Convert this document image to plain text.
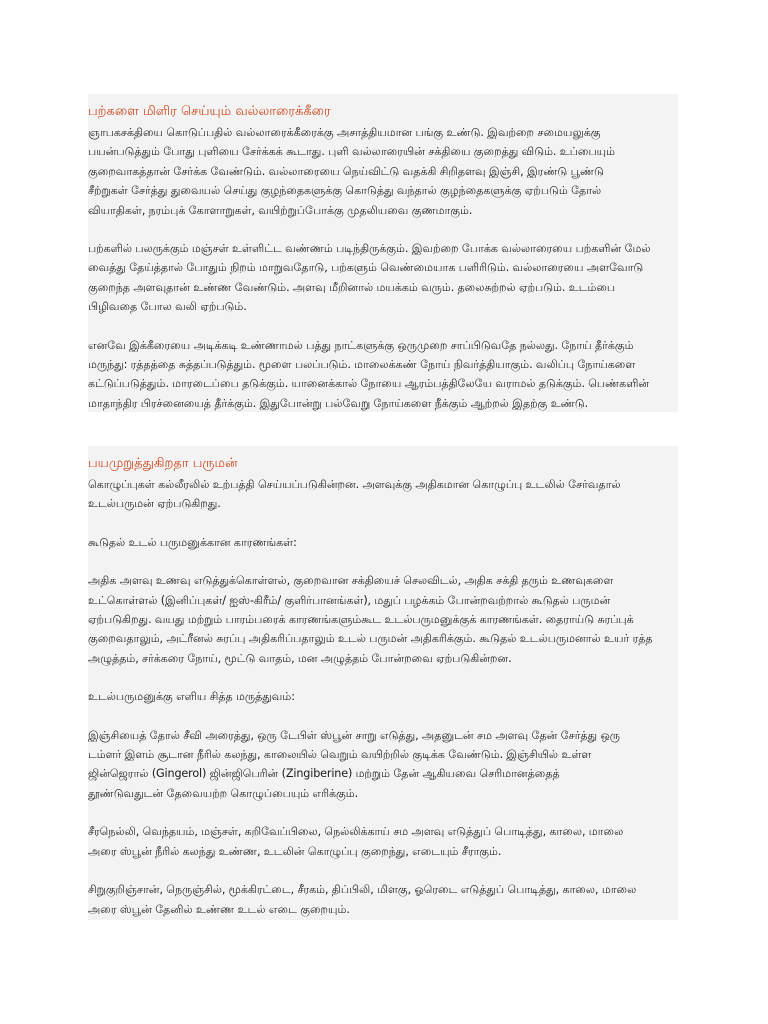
பற்களை மிளிர செய்யும் வல்லாரைக்கீரை
ஞாபகசக்தியை கொடுப்பதில் வல்லாரைக்கீரைக்கு அசாத்தியமான பங்கு உண்டு. இவற்றை சமையலுக்கு
பயன்படுத்தும் போது புளியை சேர்க்கக் கூடாது. புளி வல்லாரையின் சக்தியை குறைத்து விடும். உப்பையும்
குறைவாகத்தான் சேர்க்க வேண்டும். வல்லாரையை நெய்விட்டு வதக்கி சிறிதளவு இஞ்சி, இரண்டு பூண்டு
சீற்றுகள் சேர்த்து துவையல் செய்து குழந்தைகளுக்கு கொடுத்து வந்தால் குழந்தைகளுக்கு ஏற்படும் தோல்
வியாதிகள், நரம்புக் கோளாறுகள், வயிற்றுப்போக்கு முதலியவை குணமாகும்.
பற்களில் பலருக்கும் மஞ்சள் உள்ளிட்ட வண்ணம் படிந்திருக்கும். இவற்றை போக்க வல்லாரையை பற்களின் மேல்
வைத்து தேய்த்தால் போதும் நிறம் மாறுவதோடு, பற்களும் வெண்மையாக பளிரிடும். வல்லாரையை அளவோடு
குறைந்த அளவுதான் உண்ண வேண்டும். அளவு மீறினால் மயக்கம் வரும். தலைசுற்றல் ஏற்படும். உடம்பை
பிழிவதை போல வலி ஏற்படும்.
எனவே இக்கீரையை அடிக்கடி உண்ணாமல் பத்து நாட்களுக்கு ஒருமுறை சாப்பிடுவதே நல்லது. நோய் தீர்க்கும்
மருந்து: ரத்தத்தை சுத்தப்படுத்தும். மூளை பலப்படும். மாலைக்கண் நோய் நிவர்த்தியாகும். வலிப்பு நோய்களை
கட்டுப்படுத்தும். மாரடைப்பை தடுக்கும். யானைக்கால் நோயை ஆரம்பத்திலேயே வராமல் தடுக்கும். பெண்களின்
மாதாந்திர பிரச்னையைத் தீர்க்கும். இதுபோன்று பல்வேறு நோய்களை நீக்கும் ஆற்றல் இதற்கு உண்டு.
பயமுறுத்துகிறதா பருமன்
கொழுப்புகள் கல்லீரலில் உற்பத்தி செய்யப்படுகின்றன. அளவுக்கு அதிகமான கொழுப்பு உடலில் சேர்வதால்
உடல்பருமன் ஏற்படுகிறது.
கூடுதல் உடல் பருமனுக்கான காரணங்கள்:
அதிக அளவு உணவு எடுத்துக்கொள்ளல், குறைவான சக்தியைச் செலவிடல், அதிக சக்தி தரும் உணவுகளை
உட்கொள்ளல் (இனிப்புகள்/ ஐஸ்-கிரீம்/ குளிர்பானங்கள்), மதுப் பழக்கம் போன்றவற்றால் கூடுதல் பருமன்
ஏற்படுகிறது. வயது மற்றும் பாரம்பரைக் காரணங்களும்கூட உடல்பருமனுக்குக் காரணங்கள். தைராய்டு சுரப்புக்
குறைவதாலும், அட்ரீனல் சுரப்பு அதிகரிப்பதாலும் உடல் பருமன் அதிகரிக்கும். கூடுதல் உடல்பருமனால் உயர் ரத்த
அழுத்தம், சர்க்கரை நோய், மூட்டு வாதம், மன அழுத்தம் போன்றவை ஏற்படுகின்றன.
உடல்பருமனுக்கு எளிய சித்த மருத்துவம்:
இஞ்சியைத் தோல் சீவி அரைத்து, ஒரு டேபிள் ஸ்பூன் சாறு எடுத்து, அதனுடன் சம அளவு தேன் சேர்த்து ஒரு
டம்ளர் இளம் சூடான நீரில் கலந்து, காலையில் வெறும் வயிற்றில் குடிக்க வேண்டும். இஞ்சியில் உள்ள
ஜின்ஜெரால் (Gingerol) ஜின்ஜிபெரின் (Zingiberine) மற்றும் தேன் ஆகியவை செரிமானத்தைத்
தூண்டுவதுடன் தேவையற்ற கொழுப்பையும் எரிக்கும்.
சீரநெல்லி, வெந்தயம், மஞ்சள், கறிவேப்பிலை, நெல்லிக்காய் சம அளவு எடுத்துப் பொடித்து, காலை, மாலை
அரை ஸ்பூன் நீரில் கலந்து உண்ண, உடலின் கொழுப்பு குறைந்து, எடையும் சீராகும்.
சிறுகுறிஞ்சான், நெருஞ்சில், மூக்கிரட்டை, சீரகம், திப்பிலி, மிளகு, ஓரெடை எடுத்துப் பொடித்து, காலை, மாலை
அரை ஸ்பூன் தேனில் உண்ண உடல் எடை குறையும்.
